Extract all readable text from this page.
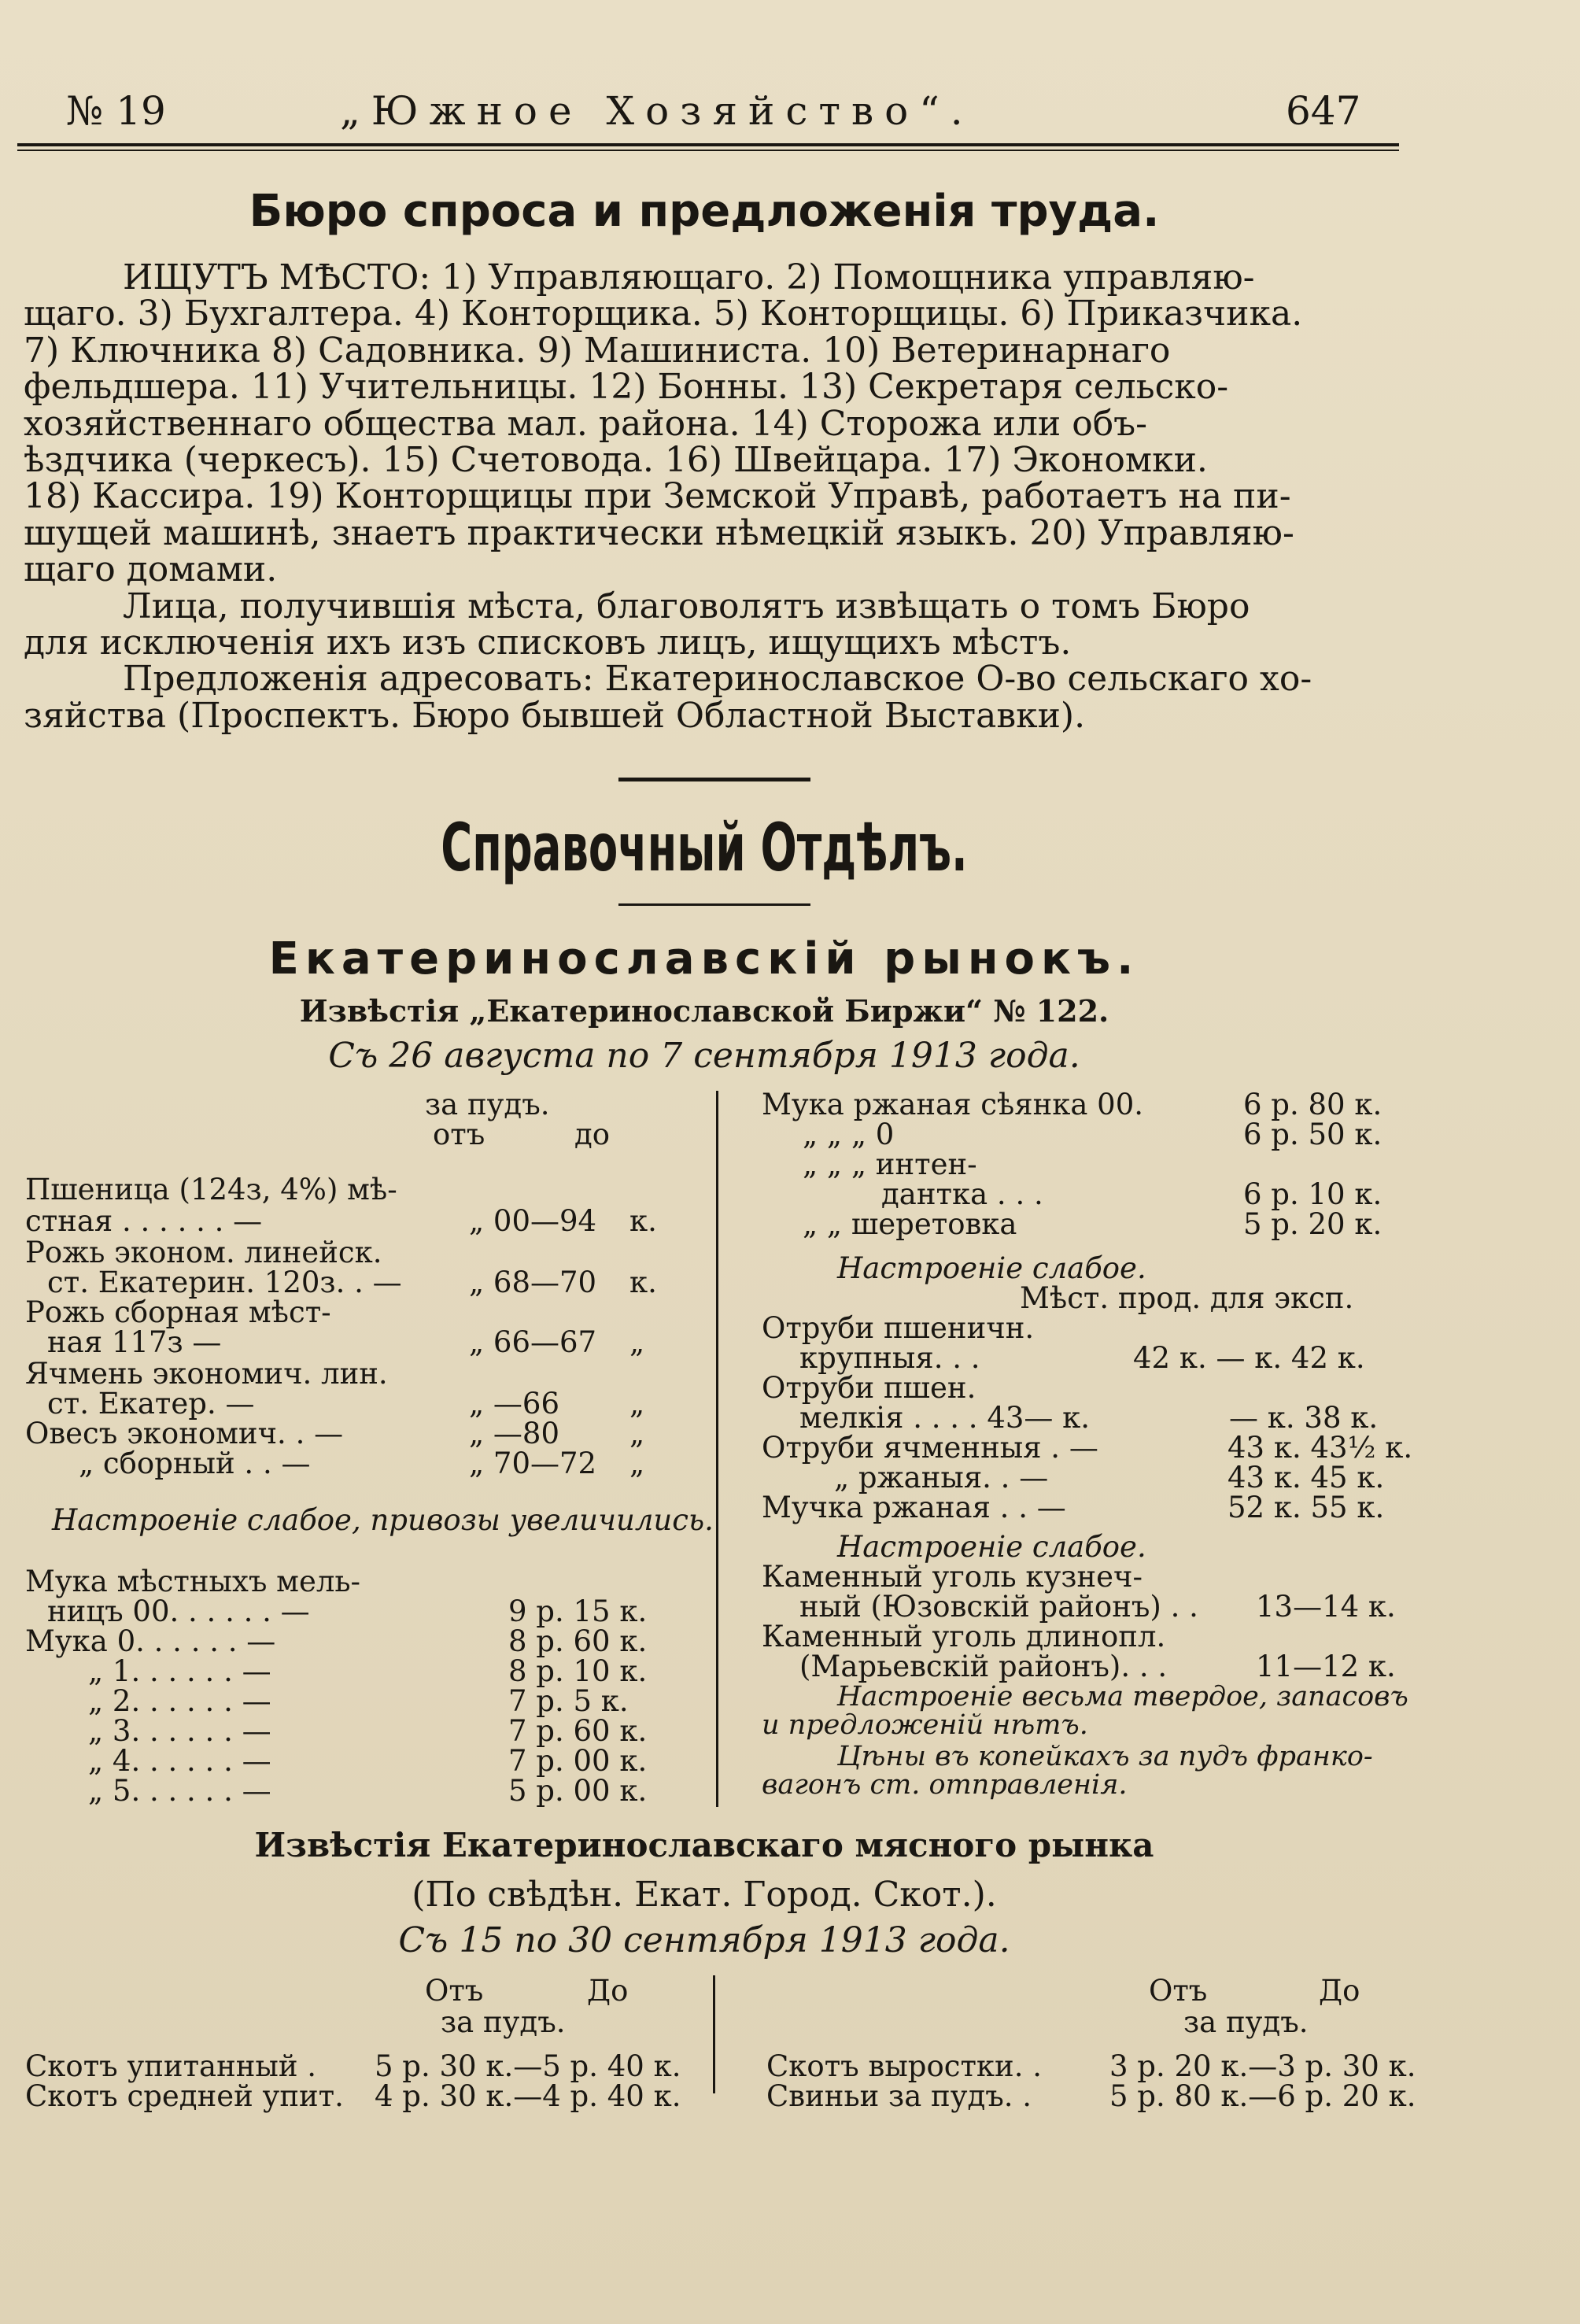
№ 19	„Южное Хозяйство“.	647
Бюро спроса и предложенія труда.
ИЩУТЪ МѢСТО: 1) Управляющаго. 2) Помощника управляю-
щаго. 3) Бухгалтера. 4) Конторщика. 5) Конторщицы. 6) Приказчика.
7) Ключника 8) Садовника. 9) Машиниста. 10) Ветеринарнаго
фельдшера. 11) Учительницы. 12) Бонны. 13) Секретаря сельско-
хозяйственнаго общества мал. района. 14) Сторожа или объ-
ѣздчика (черкесъ). 15) Счетовода. 16) Швейцара. 17) Экономки.
18) Кассира. 19) Конторщицы при Земской Управѣ, работаетъ на пи-
шущей машинѣ, знаетъ практически нѣмецкій языкъ. 20) Управляю-
щаго домами.
Лица, получившія мѣста, благоволятъ извѣщать о томъ Бюро
для исключенія ихъ изъ списковъ лицъ, ищущихъ мѣстъ.
Предложенія адресовать: Екатеринославское О-во сельскаго хо-
зяйства (Проспектъ. Бюро бывшей Областной Выставки).
Справочный Отдѣлъ.
Екатеринославскій рынокъ.
Извѣстія „Екатеринославской Биржи“ № 122.
Съ 26 августа по 7 сентября 1913 года.
за пудъ.
отъ	до
Пшеница (124з, 4%) мѣ-
стная . . . . . . —	„ 00—94 к.
Рожь эконом. линейск.
ст. Екатерин. 120з. . — „ 68—70 к.
Рожь сборная мѣст-
ная 117з —	„ 66—67 „
Ячмень экономич. лин.
ст. Екатер. —	„ —66 „
Овесъ экономич. . —	„ —80 „
„ сборный . . —	„ 70—72 „
Настроеніе слабое, привозы увеличились.
Мука мѣстныхъ мель-
ницъ 00. . . . . . —	9 р. 15 к.
Мука 0. . . . . . —	8 р. 60 к.
„ 1. . . . . . —	8 р. 10 к.
„ 2. . . . . . —	7 р. 5 к.
„ 3. . . . . . —	7 р. 60 к.
„ 4. . . . . . —	7 р. 00 к.
„ 5. . . . . . —	5 р. 00 к.
Мука ржаная сѣянка 00.	6 р. 80 к.
„ „ „ 0	6 р. 50 к.
„ „ „ интен-
дантка . . .	6 р. 10 к.
„ „ шеретовка	5 р. 20 к.
Настроеніе слабое.
Мѣст. прод. для эксп.
Отруби пшеничн.
крупныя. . .	42 к. — к. 42 к.
Отруби пшен.
мелкія . . . . 43— к.	— к. 38 к.
Отруби ячменныя . —	43 к. 43½ к.
„ ржаныя. . —	43 к. 45 к.
Мучка ржаная . . —	52 к. 55 к.
Настроеніе слабое.
Каменный уголь кузнеч-
ный (Юзовскій районъ) . . 13—14 к.
Каменный уголь длинопл.
(Марьевскій районъ). . .	11—12 к.
Настроеніе весьма твердое, запасовъ
и предложеній нѣтъ.
Цѣны въ копейкахъ за пудъ франко-
вагонъ ст. отправленія.
Извѣстія Екатеринославскаго мясного рынка
(По свѣдѣн. Екат. Город. Скот.).
Съ 15 по 30 сентября 1913 года.
Отъ	До
за пудъ.
Отъ	До
за пудъ.
Скотъ упитанный . 5 р. 30 к.—5 р. 40 к.
Скотъ средней упит. 4 р. 30 к.—4 р. 40 к.
Скотъ выростки. . 3 р. 20 к.—3 р. 30 к.
Свиньи за пудъ. .	5 р. 80 к.—6 р. 20 к.
